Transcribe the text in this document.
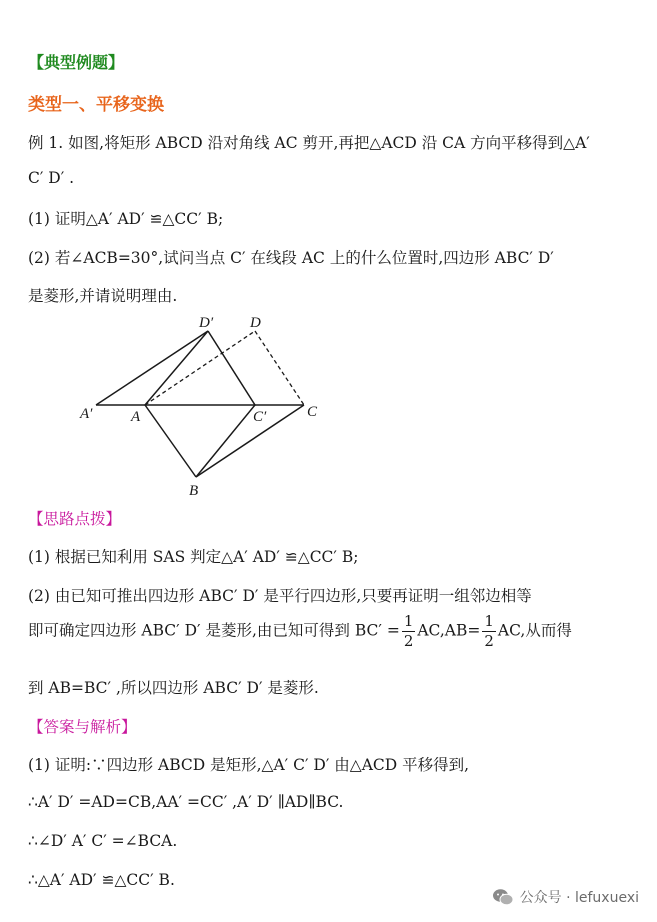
【典型例题】
类型一、平移变换
例 1. 如图,将矩形 ABCD 沿对角线 AC 剪开,再把△ACD 沿 CA 方向平移得到△A′
C′ D′ .
(1) 证明△A′ AD′ ≌△CC′ B;
(2) 若∠ACB=30°,试问当点 C′ 在线段 AC 上的什么位置时,四边形 ABC′ D′
是菱形,并请说明理由.
D′ D
A′	A	C′	C
B
【思路点拨】
(1) 根据已知利用 SAS 判定△A′ AD′ ≌△CC′ B;
(2) 由已知可推出四边形 ABC′ D′ 是平行四边形,只要再证明一组邻边相等
即可确定四边形 ABC′ D′ 是菱形,由已知可得到 $BC' = \frac{1}{2} AC,AB= \frac{1}{2}$ AC,从而得
到 AB=BC′ ,所以四边形 ABC′ D′ 是菱形.
【答案与解析】
(1) 证明:∵四边形 ABCD 是矩形,△A′ C′ D′ 由△ACD 平移得到,
∴A′ D′ =AD=CB,AA′ =CC′ ,A′ D′ ∥AD∥BC.
∴∠D′ A′ C′ =∠BCA.
∴△A′ AD′ ≌△CC′ B.
公众号 · lefuxuexi
